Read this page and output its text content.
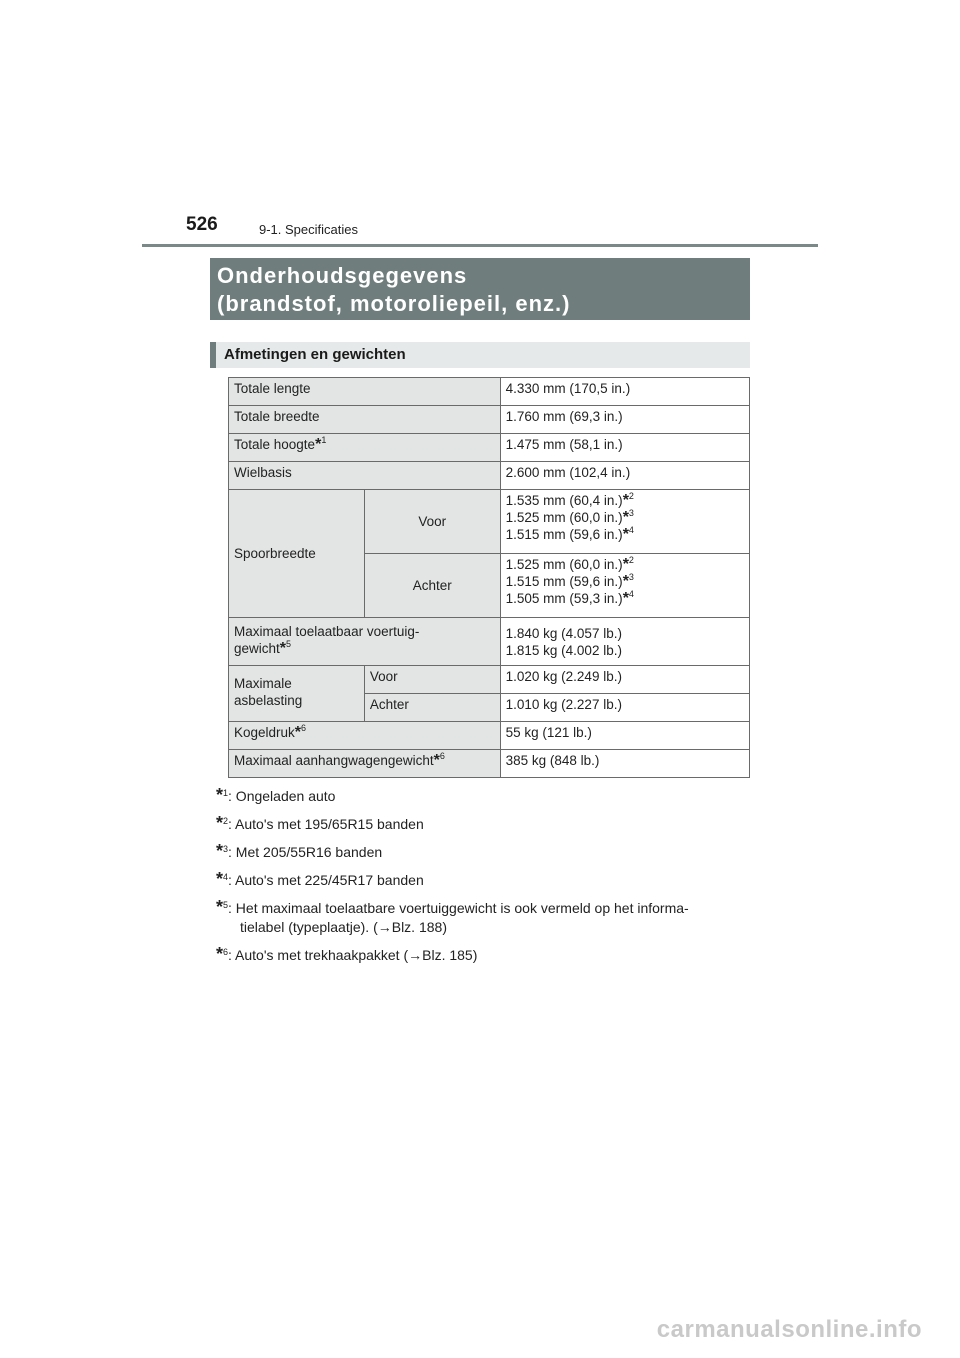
526	9-1. Specificaties
Onderhoudsgegevens
(brandstof, motoroliepeil, enz.)
Afmetingen en gewichten
Totale lengte		4.330 mm (170,5 in.)
Totale breedte		1.760 mm (69,3 in.)
Totale hoogte*$^1$		1.475 mm (58,1 in.)
Wielbasis		2.600 mm (102,4 in.)
Spoorbreedte	Voor	1.535 mm (60,4 in.)*$^2$
1.525 mm (60,0 in.)*$^3$
1.515 mm (59,6 in.)*$^4$

	Achter	1.525 mm (60,0 in.)*$^2$
1.515 mm (59,6 in.)*$^3$
1.505 mm (59,3 in.)*$^4$

Maximaal toelaatbaar voertuig-
gewicht*$^5$		1.840 kg (4.057 lb.)
1.815 kg (4.002 lb.)

Maximale
asbelasting	Voor	1.020 kg (2.249 lb.)
	Achter	1.010 kg (2.227 lb.)
Kogeldruk*$^6$		55 kg (121 lb.)
Maximaal aanhangwagengewicht*$^6$		385 kg (848 lb.)
*$^1$: Ongeladen auto
*$^2$: Auto's met 195/65R15 banden
*$^3$: Met 205/55R16 banden
*$^4$: Auto's met 225/45R17 banden
*$^5$: Het maximaal toelaatbare voertuiggewicht is ook vermeld op het informa-
tielabel (typeplaatje). (→Blz. 188)
*$^6$: Auto's met trekhaakpakket (→Blz. 185)
carmanualsonline.info
